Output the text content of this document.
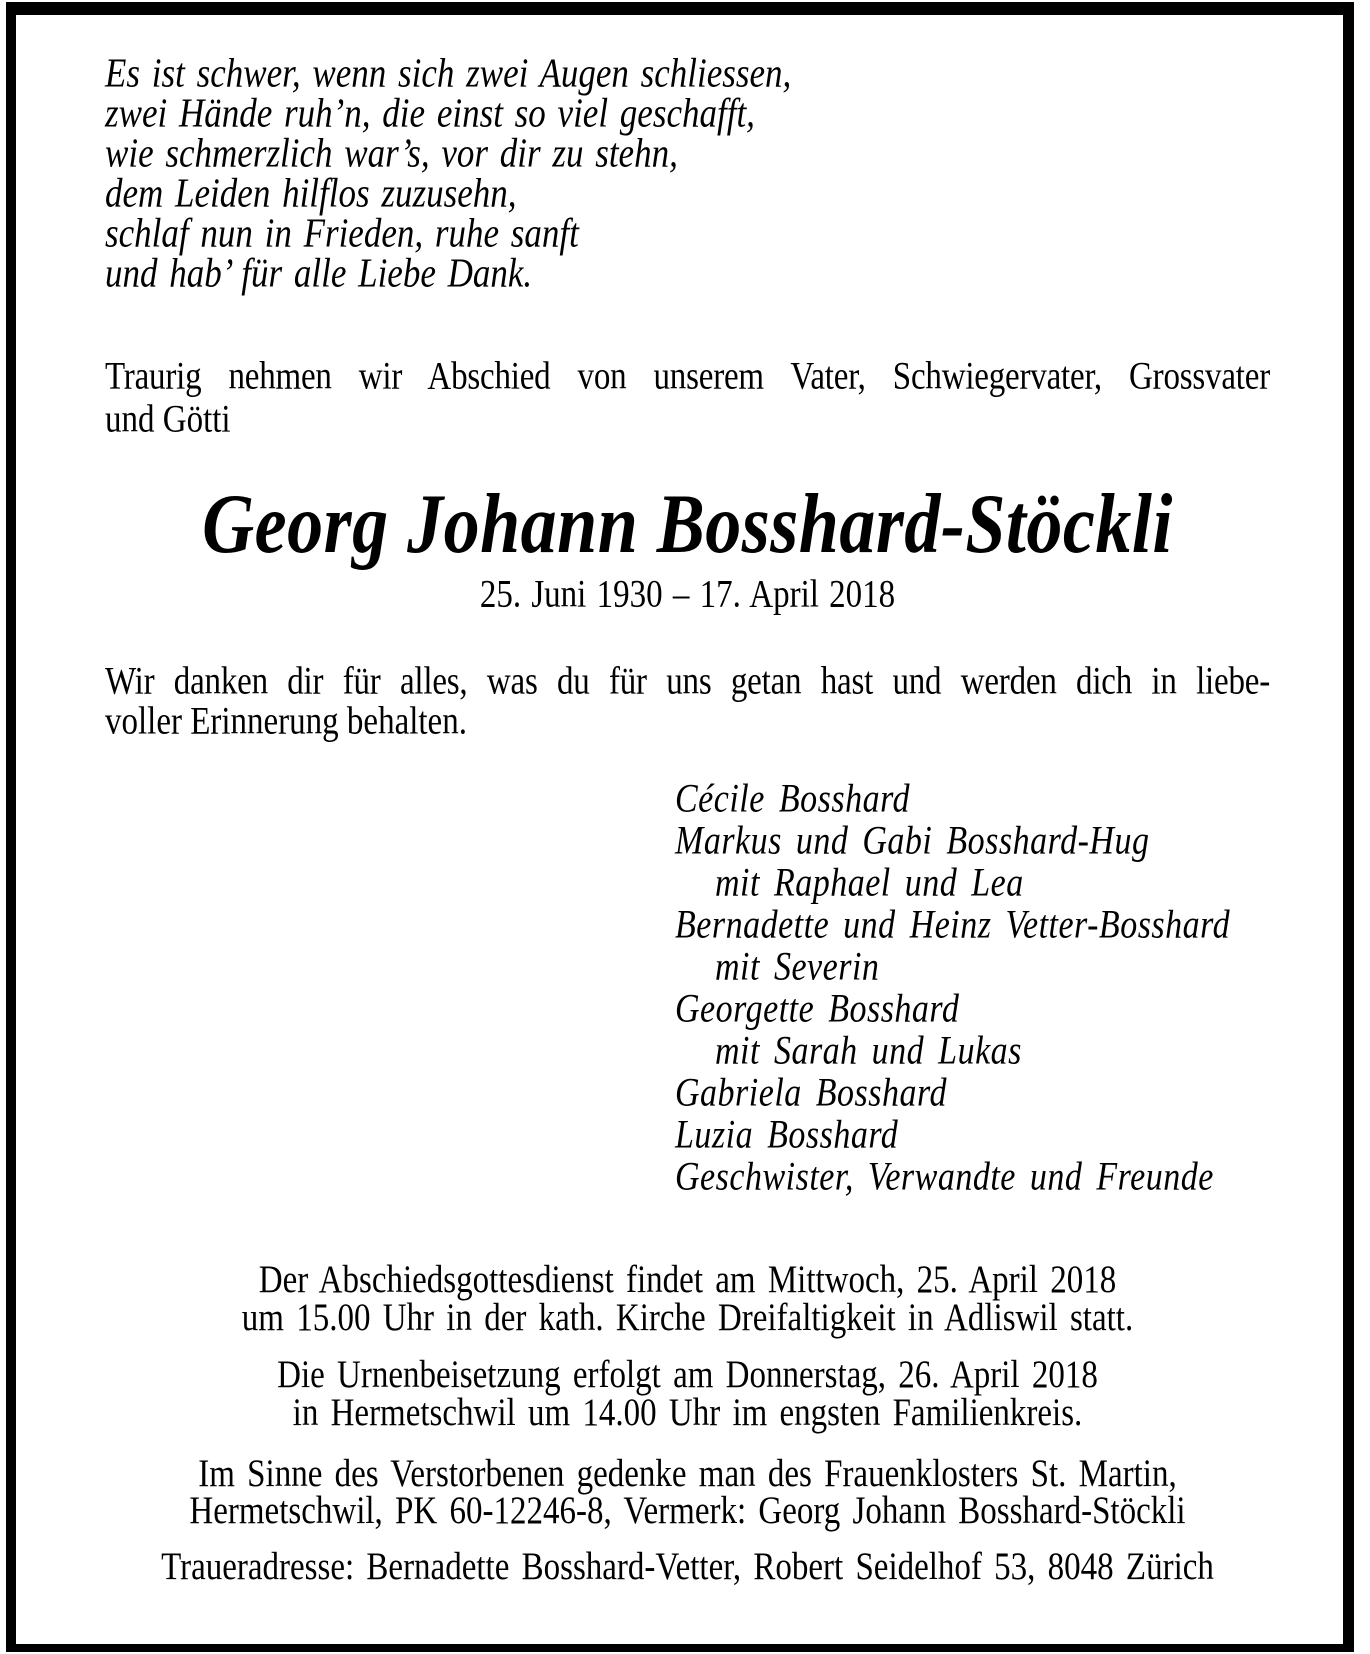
Es ist schwer, wenn sich zwei Augen schliessen,
zwei Hände ruh’n, die einst so viel geschafft,
wie schmerzlich war’s, vor dir zu stehn,
dem Leiden hilflos zuzusehn,
schlaf nun in Frieden, ruhe sanft
und hab’ für alle Liebe Dank.
Traurig nehmen wir Abschied von unserem Vater, Schwiegervater, Grossvater
und Götti
Georg Johann Bosshard-Stöckli
25. Juni 1930 – 17. April 2018
Wir danken dir für alles, was du für uns getan hast und werden dich in liebe-
voller Erinnerung behalten.
Cécile Bosshard
Markus und Gabi Bosshard-Hug
mit Raphael und Lea
Bernadette und Heinz Vetter-Bosshard
mit Severin
Georgette Bosshard
mit Sarah und Lukas
Gabriela Bosshard
Luzia Bosshard
Geschwister, Verwandte und Freunde
Der Abschiedsgottesdienst findet am Mittwoch, 25. April 2018
um 15.00 Uhr in der kath. Kirche Dreifaltigkeit in Adliswil statt.
Die Urnenbeisetzung erfolgt am Donnerstag, 26. April 2018
in Hermetschwil um 14.00 Uhr im engsten Familienkreis.
Im Sinne des Verstorbenen gedenke man des Frauenklosters St. Martin,
Hermetschwil, PK 60-12246-8, Vermerk: Georg Johann Bosshard-Stöckli
Traueradresse: Bernadette Bosshard-Vetter, Robert Seidelhof 53, 8048 Zürich
